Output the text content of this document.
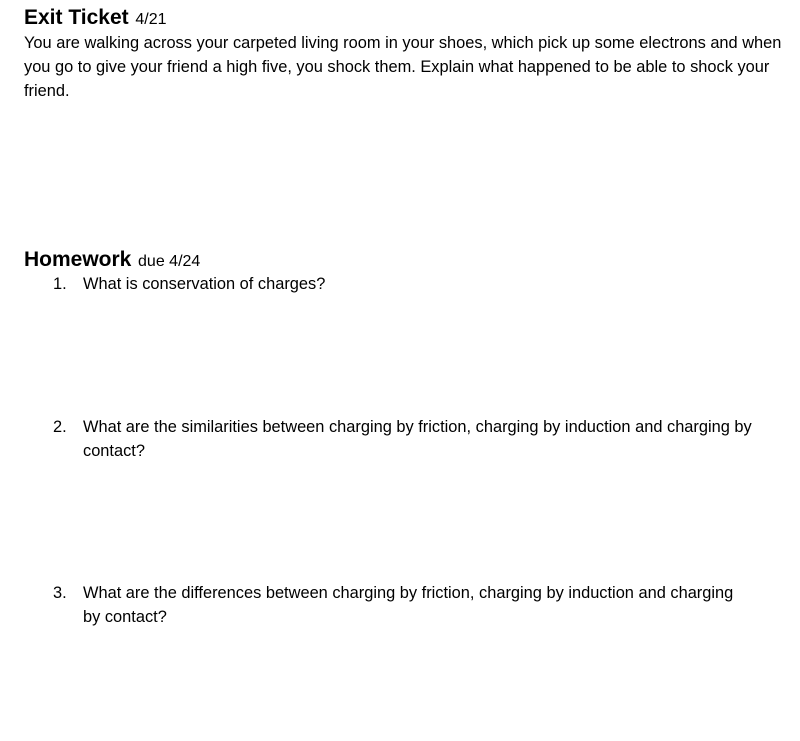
Exit Ticket 4/21

You are walking across your carpeted living room in your shoes, which pick up some electrons and when you go to give your friend a high five, you shock them. Explain what happened to be able to shock your friend.

Homework due 4/24
1. What is conservation of charges?
2. What are the similarities between charging by friction, charging by induction and charging by contact?
3. What are the differences between charging by friction, charging by induction and charging by contact?
